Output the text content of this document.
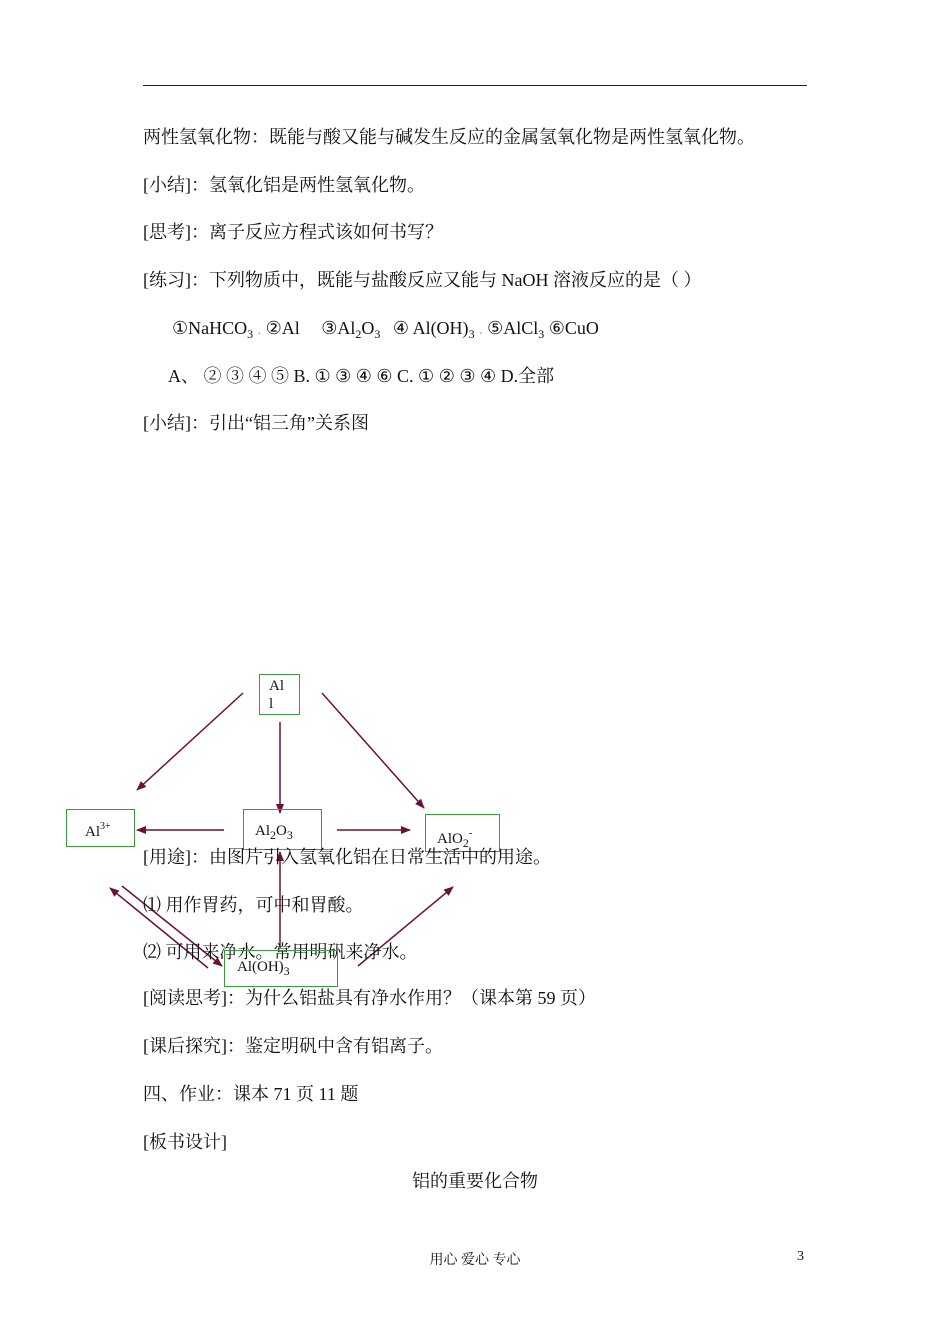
两性氢氧化物：既能与酸又能与碱发生反应的金属氢氧化物是两性氢氧化物。
[小结]：氢氧化铝是两性氢氧化物。
[思考]：离子反应方程式该如何书写？
[练习]：下列物质中，既能与盐酸反应又能与 NaOH 溶液反应的是（ ）
①NaHCO$_3$ . ②Al $③Al_2O_3$ ④ $Al(OH)_3$ . ⑤AlCl$_3$ ⑥CuO
A、 ② ③ ④ ⑤ B. ① ③ ④ ⑥ C. ① ② ③ ④ D.全部
[小结]：引出“铝三角”关系图
Al
l
$Al^{3+}$	$Al_2O_3$	AlO$_2$-
[用途]：由图片引入氢氧化铝在日常生活中的用途。
⑴ 用作胃药，可中和胃酸。
⑵ 可用来净水。常用明矾来净水。
$Al(OH)_3$
[阅读思考]：为什么铝盐具有净水作用？（课本第 59 页）
[课后探究]：鉴定明矾中含有铝离子。
四、作业：课本 71 页 11 题
[板书设计]
铝的重要化合物
用心 爱心 专心	3
